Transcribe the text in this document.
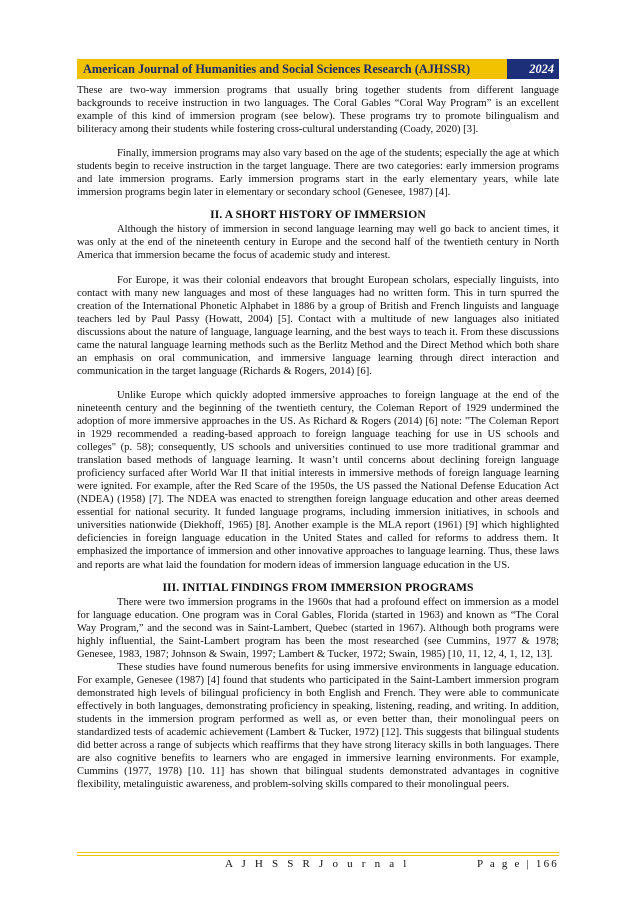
American Journal of Humanities and Social Sciences Research (AJHSSR)	2024

These are two-way immersion programs that usually bring together students from different language backgrounds to receive instruction in two languages. The Coral Gables “Coral Way Program” is an excellent example of this kind of immersion program (see below). These programs try to promote bilingualism and biliteracy among their students while fostering cross-cultural understanding (Coady, 2020) [3].

Finally, immersion programs may also vary based on the age of the students; especially the age at which students begin to receive instruction in the target language. There are two categories: early immersion programs and late immersion programs. Early immersion programs start in the early elementary years, while late immersion programs begin later in elementary or secondary school (Genesee, 1987) [4].

II. A SHORT HISTORY OF IMMERSION

Although the history of immersion in second language learning may well go back to ancient times, it was only at the end of the nineteenth century in Europe and the second half of the twentieth century in North America that immersion became the focus of academic study and interest.

For Europe, it was their colonial endeavors that brought European scholars, especially linguists, into contact with many new languages and most of these languages had no written form. This in turn spurred the creation of the International Phonetic Alphabet in 1886 by a group of British and French linguists and language teachers led by Paul Passy (Howatt, 2004) [5]. Contact with a multitude of new languages also initiated discussions about the nature of language, language learning, and the best ways to teach it. From these discussions came the natural language learning methods such as the Berlitz Method and the Direct Method which both share an emphasis on oral communication, and immersive language learning through direct interaction and communication in the target language (Richards & Rogers, 2014) [6].

Unlike Europe which quickly adopted immersive approaches to foreign language at the end of the nineteenth century and the beginning of the twentieth century, the Coleman Report of 1929 undermined the adoption of more immersive approaches in the US. As Richard & Rogers (2014) [6] note: "The Coleman Report in 1929 recommended a reading-based approach to foreign language teaching for use in US schools and colleges" (p. 58); consequently, US schools and universities continued to use more traditional grammar and translation based methods of language learning. It wasn’t until concerns about declining foreign language proficiency surfaced after World War II that initial interests in immersive methods of foreign language learning were ignited. For example, after the Red Scare of the 1950s, the US passed the National Defense Education Act (NDEA) (1958) [7]. The NDEA was enacted to strengthen foreign language education and other areas deemed essential for national security. It funded language programs, including immersion initiatives, in schools and universities nationwide (Diekhoff, 1965) [8]. Another example is the MLA report (1961) [9] which highlighted deficiencies in foreign language education in the United States and called for reforms to address them. It emphasized the importance of immersion and other innovative approaches to language learning. Thus, these laws and reports are what laid the foundation for modern ideas of immersion language education in the US.

III. INITIAL FINDINGS FROM IMMERSION PROGRAMS

There were two immersion programs in the 1960s that had a profound effect on immersion as a model for language education. One program was in Coral Gables, Florida (started in 1963) and known as “The Coral Way Program,” and the second was in Saint-Lambert, Quebec (started in 1967). Although both programs were highly influential, the Saint-Lambert program has been the most researched (see Cummins, 1977 & 1978; Genesee, 1983, 1987; Johnson & Swain, 1997; Lambert & Tucker, 1972; Swain, 1985) [10, 11, 12, 4, 1, 12, 13].

These studies have found numerous benefits for using immersive environments in language education. For example, Genesee (1987) [4] found that students who participated in the Saint-Lambert immersion program demonstrated high levels of bilingual proficiency in both English and French. They were able to communicate effectively in both languages, demonstrating proficiency in speaking, listening, reading, and writing. In addition, students in the immersion program performed as well as, or even better than, their monolingual peers on standardized tests of academic achievement (Lambert & Tucker, 1972) [12]. This suggests that bilingual students did better across a range of subjects which reaffirms that they have strong literacy skills in both languages. There are also cognitive benefits to learners who are engaged in immersive learning environments. For example, Cummins (1977, 1978) [10. 11] has shown that bilingual students demonstrated advantages in cognitive flexibility, metalinguistic awareness, and problem-solving skills compared to their monolingual peers.

A J H S S R J o u r n a l	P a g e | 166
